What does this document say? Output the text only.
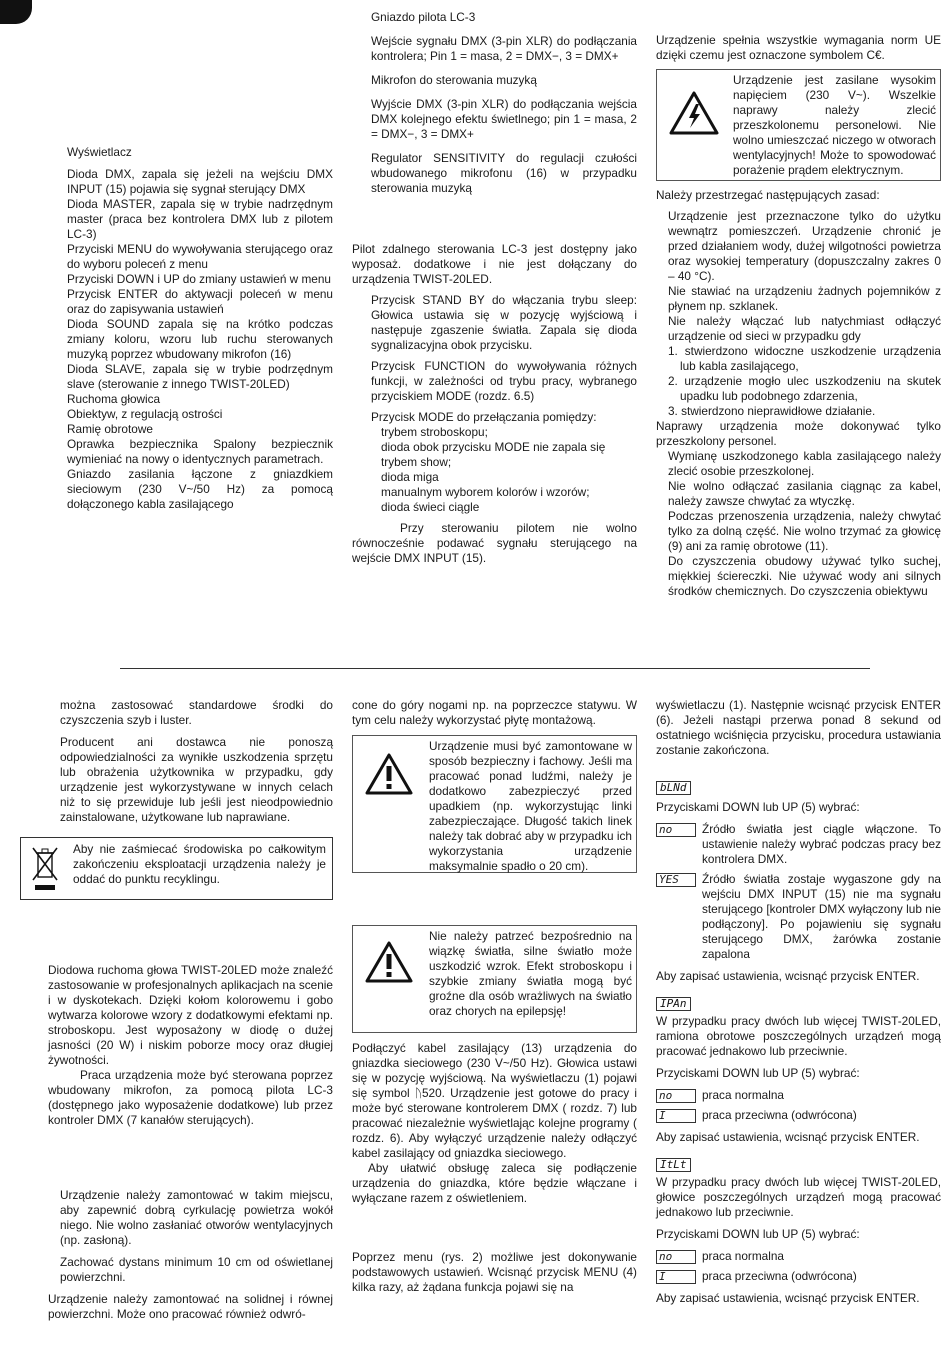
Wyświetlacz

Dioda DMX, zapala się jeżeli na wejściu DMX INPUT (15) pojawia się sygnał sterujący DMX

Dioda MASTER, zapala się w trybie nadrzędnym master (praca bez kontrolera DMX lub z pilotem LC-3)

Przyciski MENU do wywoływania sterującego oraz do wyboru poleceń z menu

Przyciski DOWN i UP do zmiany ustawień w menu

Przycisk ENTER do aktywacji poleceń w menu oraz do zapisywania ustawień

Dioda SOUND zapala się na krótko podczas zmiany koloru, wzoru lub ruchu sterowanych muzyką poprzez wbudowany mikrofon (16)

Dioda SLAVE, zapala się w trybie podrzędnym slave (sterowanie z innego TWIST-20LED)

Ruchoma głowica

Obiektyw, z regulacją ostrości

Ramię obrotowe

Oprawka bezpiecznika Spalony bezpiecznik wymieniać na nowy o identycznych parametrach.

Gniazdo zasilania łączone z gniazdkiem sieciowym (230 V~/50 Hz) za pomocą dołączonego kabla zasilającego

Gniazdo pilota LC-3

Wejście sygnału DMX (3-pin XLR) do podłączania kontrolera; Pin 1 = masa, 2 = DMX−, 3 = DMX+

Mikrofon do sterowania muzyką

Wyjście DMX (3-pin XLR) do podłączania wejścia DMX kolejnego efektu świetlnego; pin 1 = masa, 2 = DMX−, 3 = DMX+

Regulator SENSITIVITY do regulacji czułości wbudowanego mikrofonu (16) w przypadku sterowania muzyką

Pilot zdalnego sterowania LC-3 jest dostępny jako wyposaż. dodatkowe i nie jest dołączany do urządzenia TWIST-20LED.

Przycisk STAND BY do włączania trybu sleep: Głowica ustawia się w pozycję wyjściową i następuje zgaszenie światła. Zapala się dioda sygnalizacyjna obok przycisku.

Przycisk FUNCTION do wywoływania różnych funkcji, w zależności od trybu pracy, wybranego przyciskiem MODE (rozdz. 6.5)

Przycisk MODE do przełączania pomiędzy:

trybem stroboskopu;

dioda obok przycisku MODE nie zapala się

trybem show;

dioda miga

manualnym wyborem kolorów i wzorów;

dioda świeci ciągle

Przy sterowaniu pilotem nie wolno równocześnie podawać sygnału sterującego na wejście DMX INPUT (15).

Urządzenie spełnia wszystkie wymagania norm UE dzięki czemu jest oznaczone symbolem C€.

Urządzenie jest zasilane wysokim napięciem (230 V~). Wszelkie naprawy należy zlecić przeszkolonemu personelowi. Nie wolno umieszczać niczego w otworach wentylacyjnych! Może to spowodować porażenie prądem elektrycznym.

Należy przestrzegać następujących zasad:

Urządzenie jest przeznaczone tylko do użytku wewnątrz pomieszczeń. Urządzenie chronić je przed działaniem wody, dużej wilgotności powietrza oraz wysokiej temperatury (dopuszczalny zakres 0 – 40 °C).

Nie stawiać na urządzeniu żadnych pojemników z płynem np. szklanek.

Nie należy włączać lub natychmiast odłączyć urządzenie od sieci w przypadku gdy

1. stwierdzono widoczne uszkodzenie urządzenia lub kabla zasilającego,
2. urządzenie mogło ulec uszkodzeniu na skutek upadku lub podobnego zdarzenia,
3. stwierdzono nieprawidłowe działanie.

Naprawy urządzenia może dokonywać tylko przeszkolony personel.

Wymianę uszkodzonego kabla zasilającego należy zlecić osobie przeszkolonej.

Nie wolno odłączać zasilania ciągnąc za kabel, należy zawsze chwytać za wtyczkę.

Podczas przenoszenia urządzenia, należy chwytać tylko za dolną część. Nie wolno trzymać za głowicę (9) ani za ramię obrotowe (11).

Do czyszczenia obudowy używać tylko suchej, miękkiej ściereczki. Nie używać wody ani silnych środków chemicznych. Do czyszczenia obiektywu

można zastosować standardowe środki do czyszczenia szyb i luster.

Producent ani dostawca nie ponoszą odpowiedzialności za wynikłe uszkodzenia sprzętu lub obrażenia użytkownika w przypadku, gdy urządzenie jest wykorzystywane w innych celach niż to się przewiduje lub jeśli jest nieodpowiednio zainstalowane, użytkowane lub naprawiane.

Aby nie zaśmiecać środowiska po całkowitym zakończeniu eksploatacji urządzenia należy je oddać do punktu recyklingu.

Diodowa ruchoma głowa TWIST-20LED może znaleźć zastosowanie w profesjonalnych aplikacjach na scenie i w dyskotekach. Dzięki kołom kolorowemu i gobo wytwarza kolorowe wzory z dodatkowymi efektami np. stroboskopu. Jest wyposażony w diodę o dużej jasności (20 W) i niskim poborze mocy oraz długiej żywotności.

Praca urządzenia może być sterowana poprzez wbudowany mikrofon, za pomocą pilota LC-3 (dostępnego jako wyposażenie dodatkowe) lub przez kontroler DMX (7 kanałów sterujących).

Urządzenie należy zamontować w takim miejscu, aby zapewnić dobrą cyrkulację powietrza wokół niego. Nie wolno zasłaniać otworów wentylacyjnych (np. zasłoną).

Zachować dystans minimum 10 cm od oświetlanej powierzchni.

Urządzenie należy zamontować na solidnej i równej powierzchni. Może ono pracować również odwró-

cone do góry nogami np. na poprzeczce statywu. W tym celu należy wykorzystać płytę montażową.

Urządzenie musi być zamontowane w sposób bezpieczny i fachowy. Jeśli ma pracować ponad ludźmi, należy je dodatkowo zabezpieczyć przed upadkiem (np. wykorzystując linki zabezpieczające. Długość takich linek należy tak dobrać aby w przypadku ich wykorzystania urządzenie maksymalnie spadło o 20 cm).

Nie należy patrzeć bezpośrednio na wiązkę światła, silne światło może uszkodzić wzrok. Efekt stroboskopu i szybkie zmiany światła mogą być groźne dla osób wrażliwych na światło oraz chorych na epilepsję!

Podłączyć kabel zasilający (13) urządzenia do gniazdka sieciowego (230 V~/50 Hz). Głowica ustawi się w pozycję wyjściową. Na wyświetlaczu (1) pojawi się symbol ᚢ520. Urządzenie jest gotowe do pracy i może być sterowane kontrolerem DMX ( rozdz. 7) lub pracować niezależnie wyświetlając kolejne programy ( rozdz. 6). Aby wyłączyć urządzenie należy odłączyć kabel zasilający od gniazdka sieciowego.

Aby ułatwić obsługę zaleca się podłączenie urządzenia do gniazdka, które będzie włączane i wyłączane razem z oświetleniem.

Poprzez menu (rys. 2) możliwe jest dokonywanie podstawowych ustawień. Wcisnąć przycisk MENU (4) kilka razy, aż żądana funkcja pojawi się na

wyświetlaczu (1). Następnie wcisnąć przycisk ENTER (6). Jeżeli nastąpi przerwa ponad 8 sekund od ostatniego wciśnięcia przycisku, procedura ustawiania zostanie zakończona.

bLNd

Przyciskami DOWN lub UP (5) wybrać:

no	Źródło światła jest ciągle włączone. To ustawienie należy wybrać podczas pracy bez kontrolera DMX.

YES	Źródło światła zostaje wygaszone gdy na wejściu DMX INPUT (15) nie ma sygnału sterującego [kontroler DMX wyłączony lub nie podłączony]. Po pojawieniu się sygnału sterującego DMX, żarówka zostanie zapalona

Aby zapisać ustawienia, wcisnąć przycisk ENTER.

IPAn

W przypadku pracy dwóch lub więcej TWIST-20LED, ramiona obrotowe poszczególnych urządzeń mogą pracować jednakowo lub przeciwnie.

Przyciskami DOWN lub UP (5) wybrać:

no	praca normalna

I	praca przeciwna (odwrócona)

Aby zapisać ustawienia, wcisnąć przycisk ENTER.

ItLt

W przypadku pracy dwóch lub więcej TWIST-20LED, głowice poszczególnych urządzeń mogą pracować jednakowo lub przeciwnie.

Przyciskami DOWN lub UP (5) wybrać:

no	praca normalna

I	praca przeciwna (odwrócona)

Aby zapisać ustawienia, wcisnąć przycisk ENTER.
